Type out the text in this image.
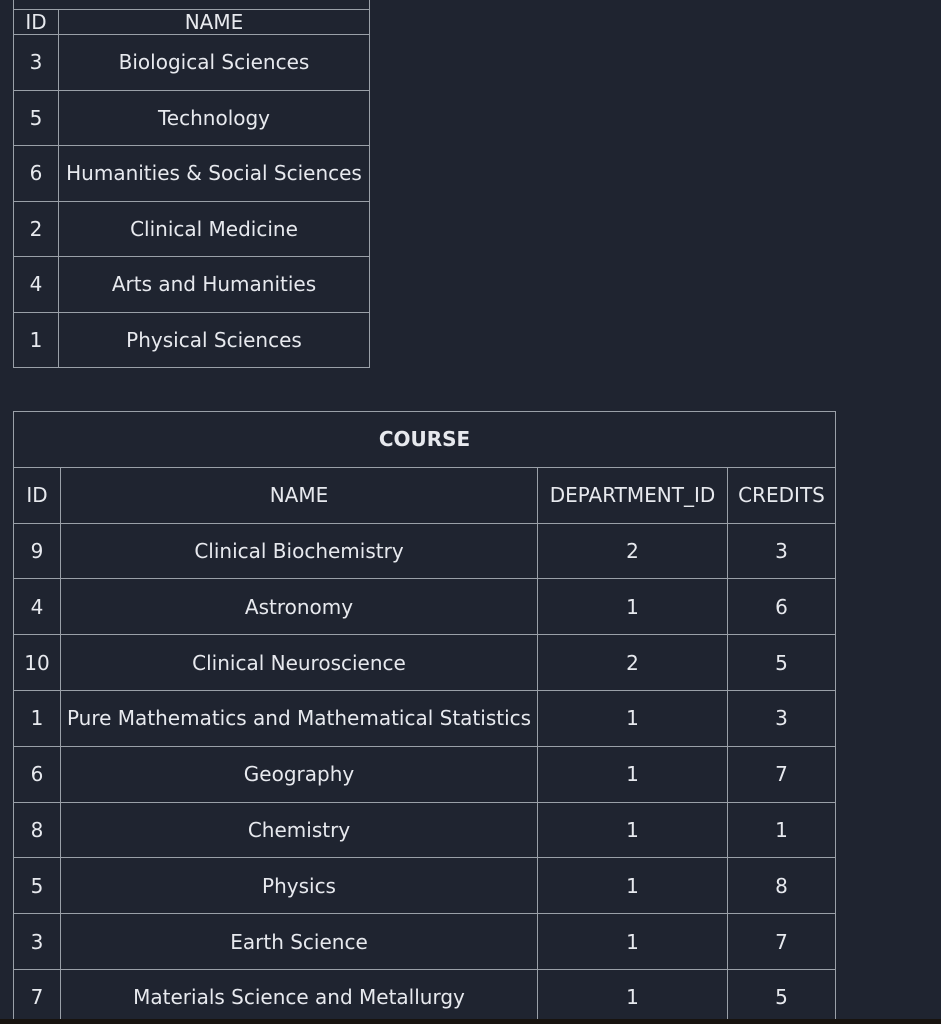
ID	NAME
3	Biological Sciences
5	Technology
6	Humanities & Social Sciences
2	Clinical Medicine
4	Arts and Humanities
1	Physical Sciences
COURSE			
ID	NAME	DEPARTMENT_ID	CREDITS
9	Clinical Biochemistry	2	3
4	Astronomy	1	6
10	Clinical Neuroscience	2	5
1	Pure Mathematics and Mathematical Statistics	1	3
6	Geography	1	7
8	Chemistry	1	1
5	Physics	1	8
3	Earth Science	1	7
7	Materials Science and Metallurgy	1	5
